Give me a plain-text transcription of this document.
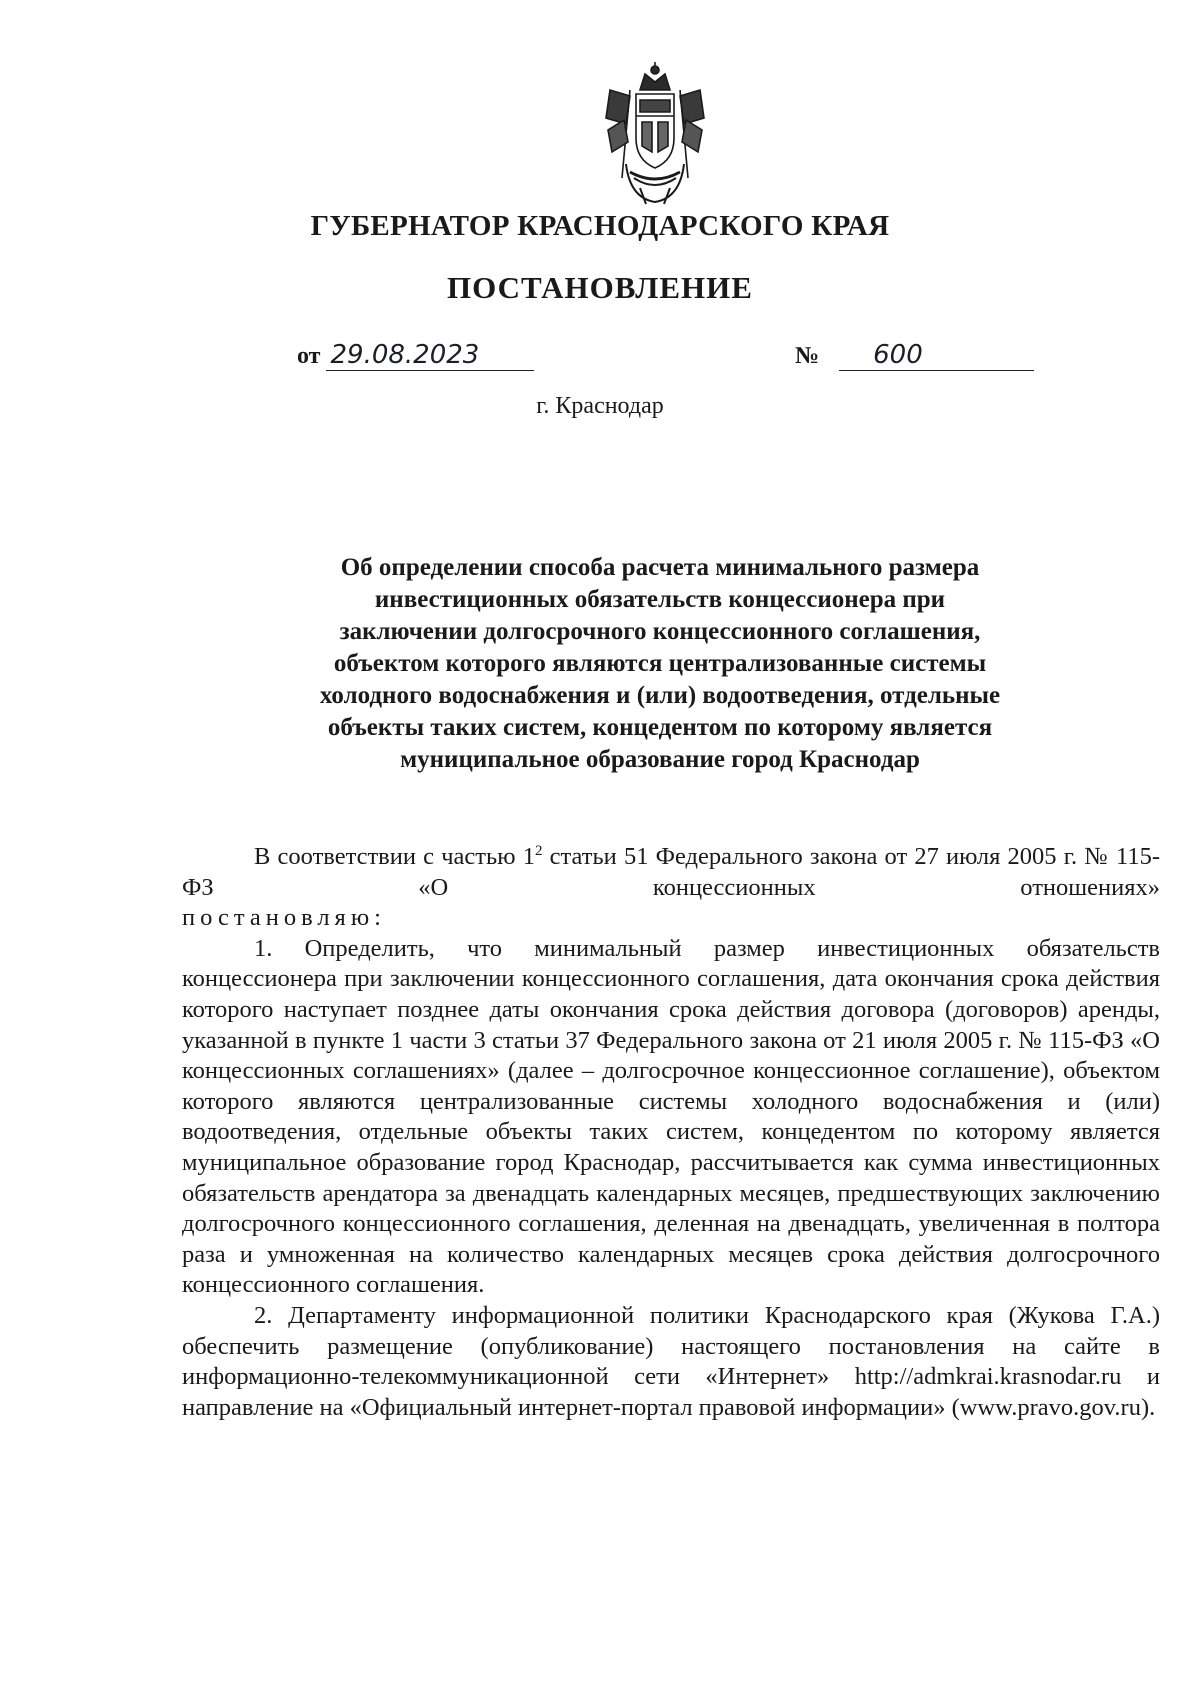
ГУБЕРНАТОР КРАСНОДАРСКОГО КРАЯ
ПОСТАНОВЛЕНИЕ
от 29.08.2023	№ 600
г. Краснодар
Об определении способа расчета минимального размера
инвестиционных обязательств концессионера при
заключении долгосрочного концессионного соглашения,
объектом которого являются централизованные системы
холодного водоснабжения и (или) водоотведения, отдельные
объекты таких систем, концедентом по которому является
муниципальное образование город Краснодар

В соответствии с частью $1^2$ статьи 51 Федерального закона от 27 июля 2005 г. № 115-ФЗ «О концессионных отношениях»

постановляю:

1. Определить, что минимальный размер инвестиционных обязательств концессионера при заключении концессионного соглашения, дата окончания срока действия которого наступает позднее даты окончания срока действия договора (договоров) аренды, указанной в пункте 1 части 3 статьи 37 Федерального закона от 21 июля 2005 г. № 115-ФЗ «О концессионных соглашениях» (далее – долгосрочное концессионное соглашение), объектом которого являются централизованные системы холодного водоснабжения и (или) водоотведения, отдельные объекты таких систем, концедентом по которому является муниципальное образование город Краснодар, рассчитывается как сумма инвестиционных обязательств арендатора за двенадцать календарных месяцев, предшествующих заключению долгосрочного концессионного соглашения, деленная на двенадцать, увеличенная в полтора раза и умноженная на количество календарных месяцев срока действия долгосрочного концессионного соглашения.

2. Департаменту информационной политики Краснодарского края (Жукова Г.А.) обеспечить размещение (опубликование) настоящего постановления на сайте в информационно-телекоммуникационной сети «Интернет» http://admkrai.krasnodar.ru и направление на «Официальный интернет-портал правовой информации» (www.pravo.gov.ru).
